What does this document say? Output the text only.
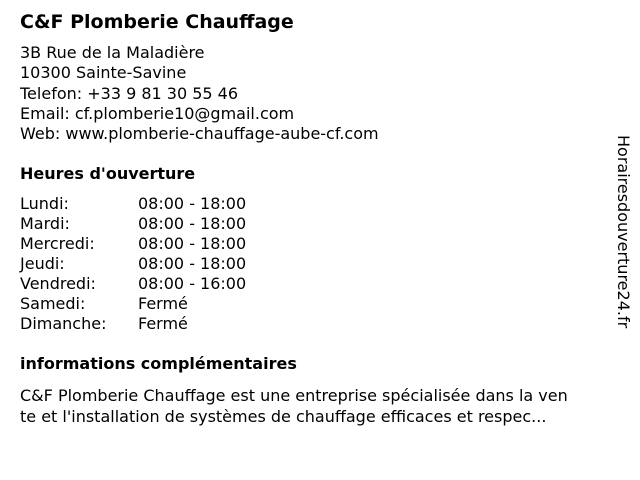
C&F Plomberie Chauffage
3B Rue de la Maladière
10300 Sainte-Savine
Telefon: +33 9 81 30 55 46
Email: cf.plomberie10@gmail.com
Web: www.plomberie-chauffage-aube-cf.com
Heures d'ouverture
Lundi:	08:00 - 18:00
Mardi:	08:00 - 18:00
Mercredi:	08:00 - 18:00
Jeudi:	08:00 - 18:00
Vendredi:	08:00 - 16:00
Samedi:	Fermé
Dimanche:	Fermé
informations complémentaires
C&F Plomberie Chauffage est une entreprise spécialisée dans la ven
te et l'installation de systèmes de chauffage efficaces et respec...
Horairesdouverture24.fr
